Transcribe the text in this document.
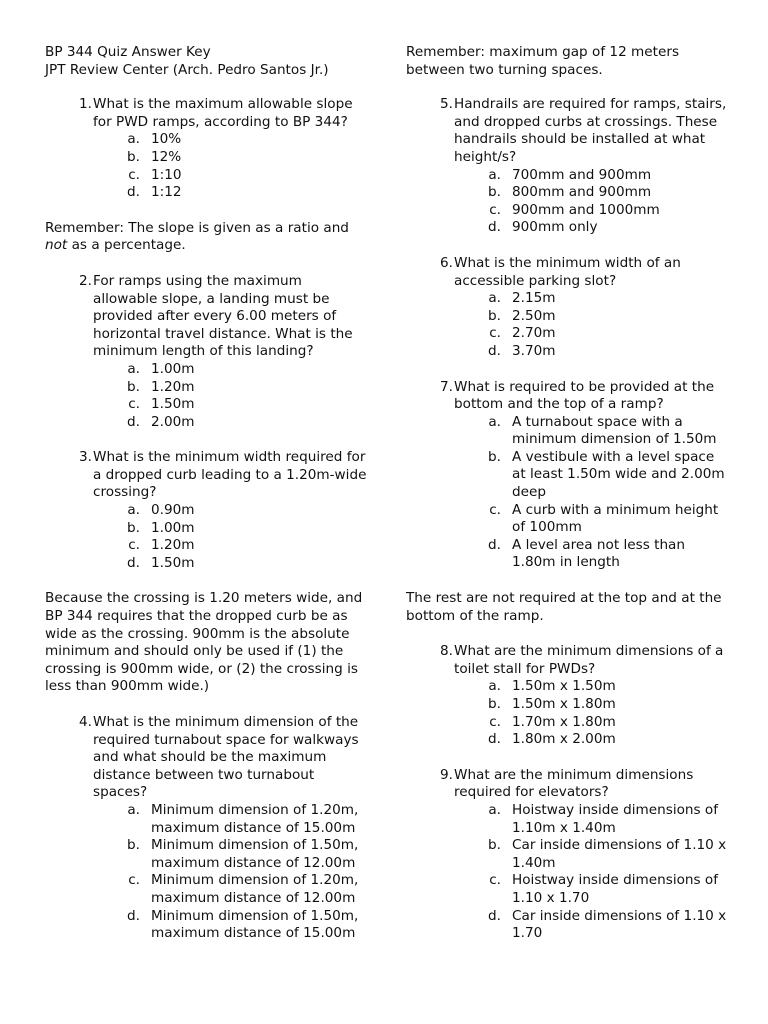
BP 344 Quiz Answer Key

JPT Review Center (Arch. Pedro Santos Jr.)

1. What is the maximum allowable slope for PWD ramps, according to BP 344?

a. 10%
b. 12%
c. 1:10
d. 1:12

Remember: The slope is given as a ratio and not as a percentage.

2. For ramps using the maximum allowable slope, a landing must be provided after every 6.00 meters of horizontal travel distance. What is the minimum length of this landing?

a. 1.00m
b. 1.20m
c. 1.50m
d. 2.00m
3. What is the minimum width required for a dropped curb leading to a 1.20m-wide crossing?

a. 0.90m
b. 1.00m
c. 1.20m
d. 1.50m

Because the crossing is 1.20 meters wide, and BP 344 requires that the dropped curb be as wide as the crossing. 900mm is the absolute minimum and should only be used if (1) the crossing is 900mm wide, or (2) the crossing is less than 900mm wide.)

4. What is the minimum dimension of the required turnabout space for walkways and what should be the maximum distance between two turnabout spaces?

a. Minimum dimension of 1.20m, maximum distance of 15.00m
b. Minimum dimension of 1.50m, maximum distance of 12.00m
c. Minimum dimension of 1.20m, maximum distance of 12.00m
d. Minimum dimension of 1.50m, maximum distance of 15.00m

Remember: maximum gap of 12 meters between two turning spaces.

5. Handrails are required for ramps, stairs, and dropped curbs at crossings. These handrails should be installed at what height/s?

a. 700mm and 900mm
b. 800mm and 900mm
c. 900mm and 1000mm
d. 900mm only
6. What is the minimum width of an accessible parking slot?

a. 2.15m
b. 2.50m
c. 2.70m
d. 3.70m
7. What is required to be provided at the bottom and the top of a ramp?

a. A turnabout space with a minimum dimension of 1.50m
b. A vestibule with a level space at least 1.50m wide and 2.00m deep
c. A curb with a minimum height of 100mm
d. A level area not less than 1.80m in length

The rest are not required at the top and at the bottom of the ramp.

8. What are the minimum dimensions of a toilet stall for PWDs?

a. 1.50m x 1.50m
b. 1.50m x 1.80m
c. 1.70m x 1.80m
d. 1.80m x 2.00m
9. What are the minimum dimensions required for elevators?

a. Hoistway inside dimensions of 1.10m x 1.40m
b. Car inside dimensions of 1.10 x 1.40m
c. Hoistway inside dimensions of 1.10 x 1.70
d. Car inside dimensions of 1.10 x 1.70
